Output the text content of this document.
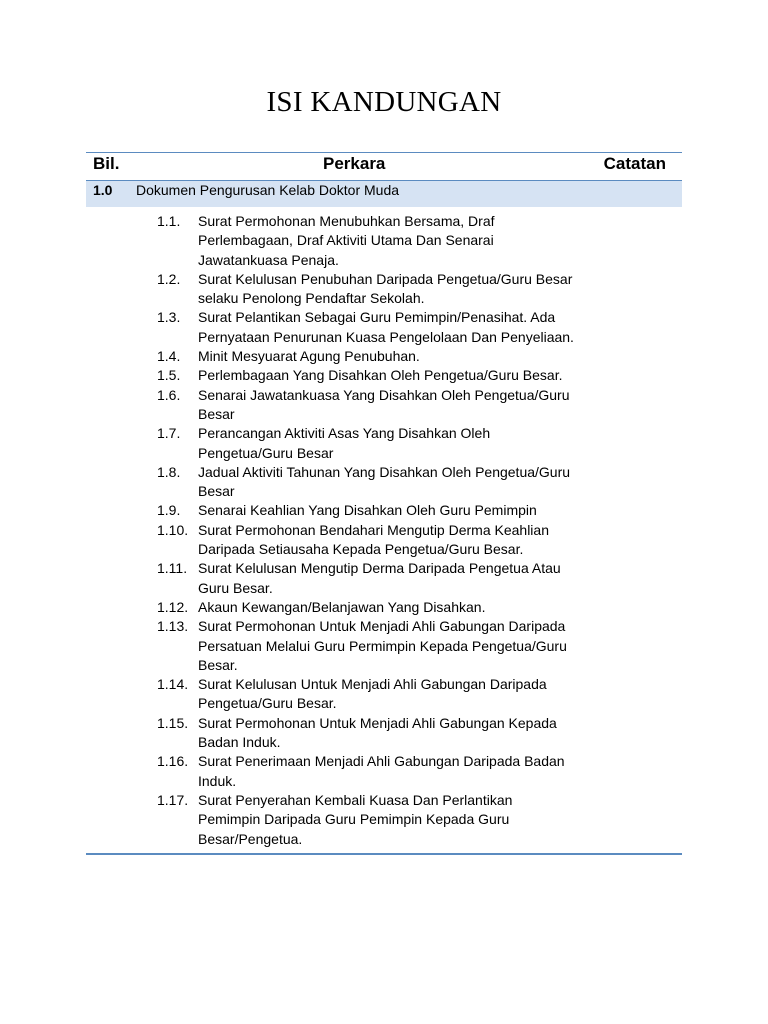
ISI KANDUNGAN
Bil.	Perkara	Catatan
1.0 Dokumen Pengurusan Kelab Doktor Muda
1.1. Surat Permohonan Menubuhkan Bersama, Draf Perlembagaan, Draf Aktiviti Utama Dan Senarai Jawatankuasa Penaja.
1.2. Surat Kelulusan Penubuhan Daripada Pengetua/Guru Besar selaku Penolong Pendaftar Sekolah.
1.3. Surat Pelantikan Sebagai Guru Pemimpin/Penasihat. Ada Pernyataan Penurunan Kuasa Pengelolaan Dan Penyeliaan.
1.4. Minit Mesyuarat Agung Penubuhan.
1.5. Perlembagaan Yang Disahkan Oleh Pengetua/Guru Besar.
1.6. Senarai Jawatankuasa Yang Disahkan Oleh Pengetua/Guru Besar
1.7. Perancangan Aktiviti Asas Yang Disahkan Oleh Pengetua/Guru Besar
1.8. Jadual Aktiviti Tahunan Yang Disahkan Oleh Pengetua/Guru Besar
1.9. Senarai Keahlian Yang Disahkan Oleh Guru Pemimpin
1.10. Surat Permohonan Bendahari Mengutip Derma Keahlian Daripada Setiausaha Kepada Pengetua/Guru Besar.
1.11. Surat Kelulusan Mengutip Derma Daripada Pengetua Atau Guru Besar.
1.12. Akaun Kewangan/Belanjawan Yang Disahkan.
1.13. Surat Permohonan Untuk Menjadi Ahli Gabungan Daripada Persatuan Melalui Guru Permimpin Kepada Pengetua/Guru Besar.
1.14. Surat Kelulusan Untuk Menjadi Ahli Gabungan Daripada Pengetua/Guru Besar.
1.15. Surat Permohonan Untuk Menjadi Ahli Gabungan Kepada Badan Induk.
1.16. Surat Penerimaan Menjadi Ahli Gabungan Daripada Badan Induk.
1.17. Surat Penyerahan Kembali Kuasa Dan Perlantikan Pemimpin Daripada Guru Pemimpin Kepada Guru Besar/Pengetua.
